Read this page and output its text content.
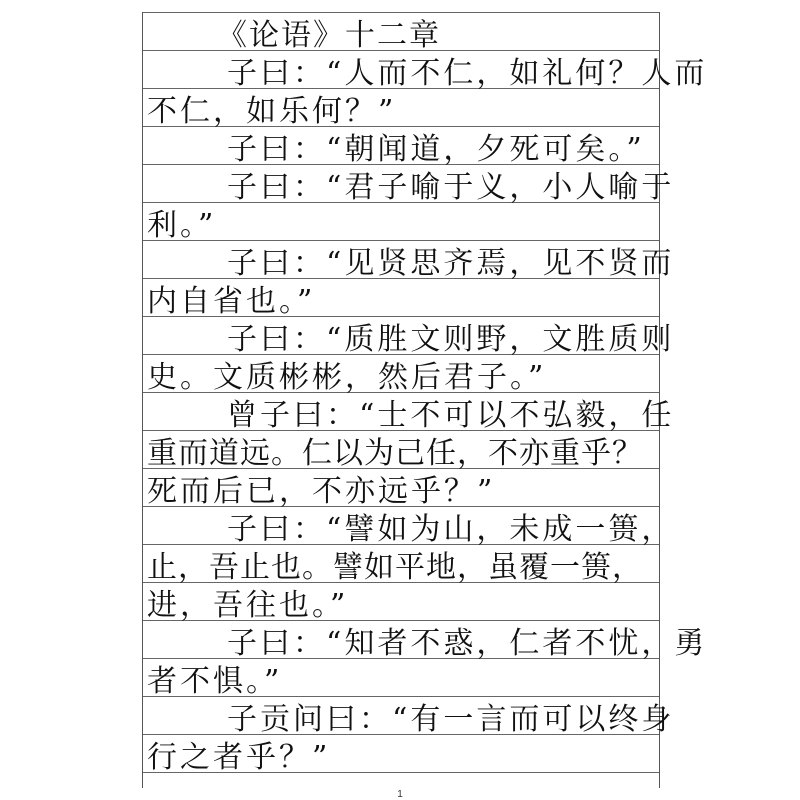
《论语》十二章
子曰：“人而不仁，如礼何？人而
不仁，如乐何？”
子曰：“朝闻道，夕死可矣。”
子曰：“君子喻于义，小人喻于
利。”
子曰：“见贤思齐焉，见不贤而
内自省也。”
子曰：“质胜文则野，文胜质则
史。文质彬彬，然后君子。”
曾子曰：“士不可以不弘毅，任
重而道远。仁以为己任，不亦重乎？
死而后已，不亦远乎？”
子曰：“譬如为山，未成一篑，
止，吾止也。譬如平地，虽覆一篑，
进，吾往也。”
子曰：“知者不惑，仁者不忧，勇
者不惧。”
子贡问曰：“有一言而可以终身
行之者乎？”
1
